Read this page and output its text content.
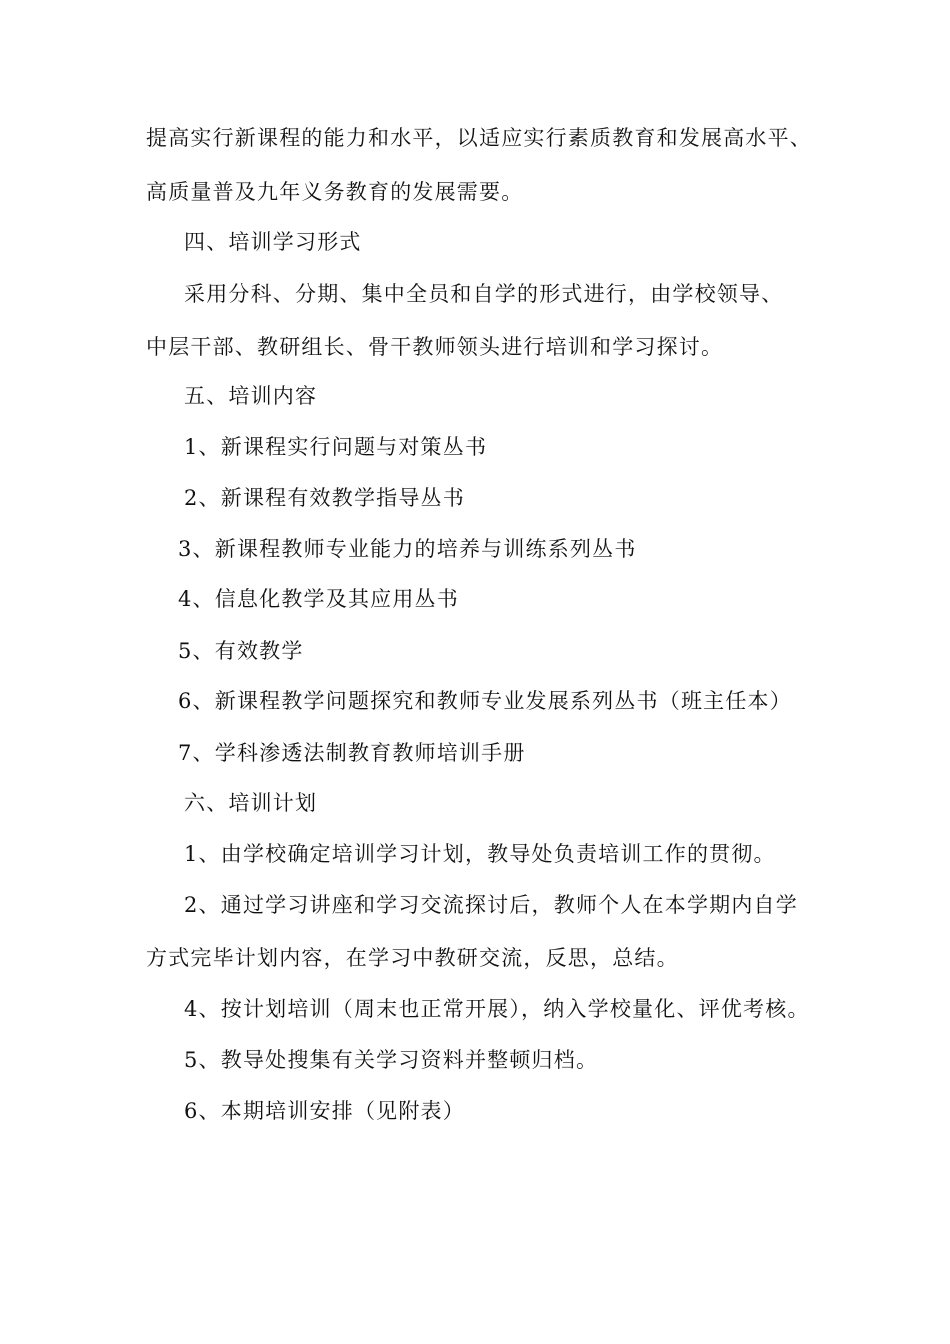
提高实行新课程的能力和水平，以适应实行素质教育和发展高水平、
高质量普及九年义务教育的发展需要。
四、培训学习形式
采用分科、分期、集中全员和自学的形式进行，由学校领导、
中层干部、教研组长、骨干教师领头进行培训和学习探讨。
五、培训内容
1、新课程实行问题与对策丛书
2、新课程有效教学指导丛书
3、新课程教师专业能力的培养与训练系列丛书
4、信息化教学及其应用丛书
5、有效教学
6、新课程教学问题探究和教师专业发展系列丛书（班主任本）
7、学科渗透法制教育教师培训手册
六、培训计划
1、由学校确定培训学习计划，教导处负责培训工作的贯彻。
2、通过学习讲座和学习交流探讨后，教师个人在本学期内自学
方式完毕计划内容，在学习中教研交流，反思，总结。
4、按计划培训（周末也正常开展），纳入学校量化、评优考核。
5、教导处搜集有关学习资料并整顿归档。
6、本期培训安排（见附表）
